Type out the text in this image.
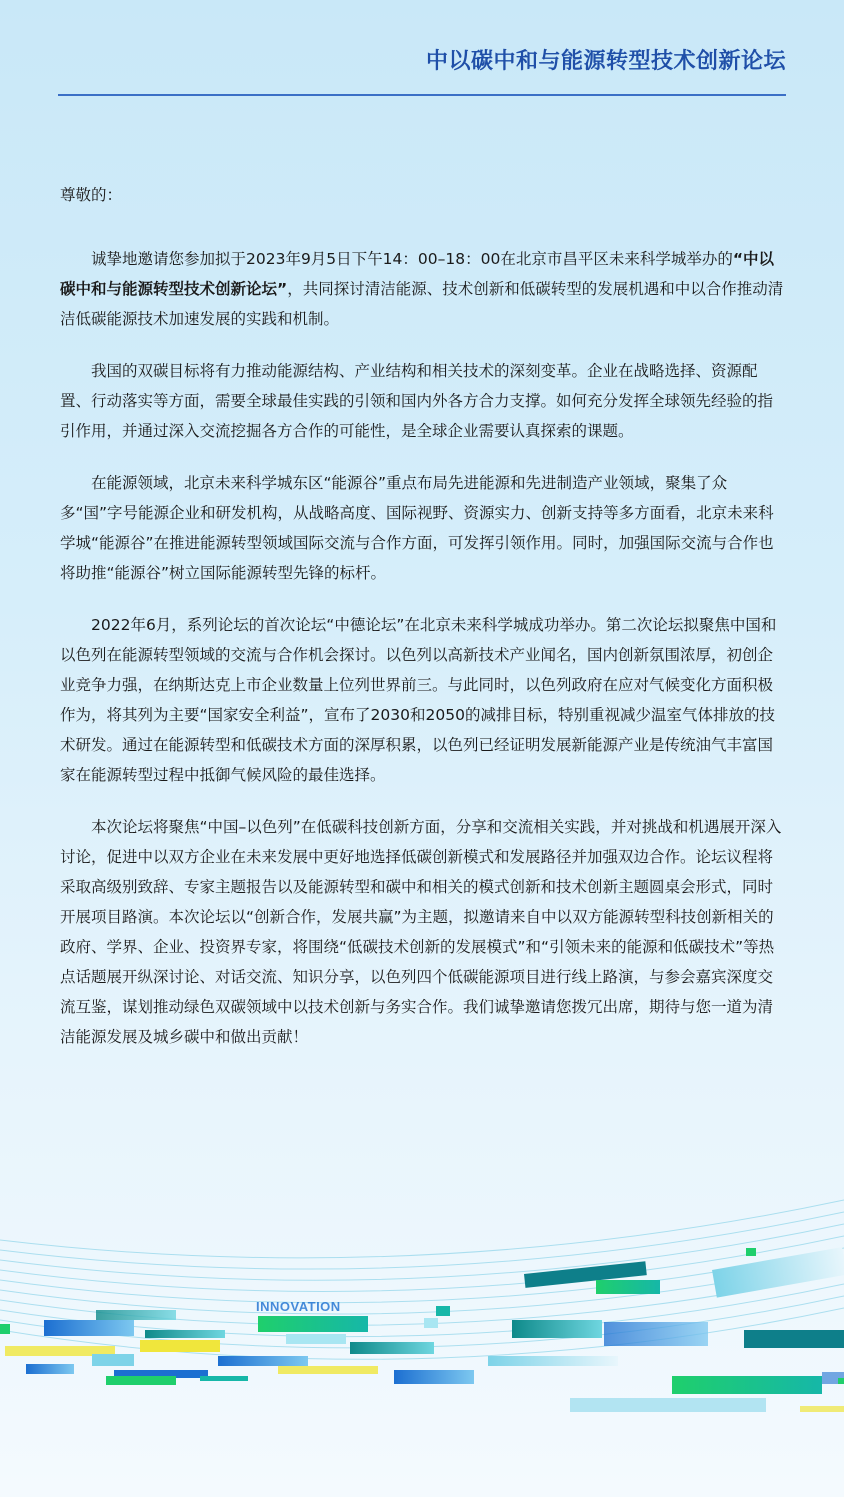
中以碳中和与能源转型技术创新论坛

尊敬的：

诚挚地邀请您参加拟于2023年9月5日下午14：00–18：00在北京市昌平区未来科学城举办的“中以碳中和与能源转型技术创新论坛”，共同探讨清洁能源、技术创新和低碳转型的发展机遇和中以合作推动清洁低碳能源技术加速发展的实践和机制。

我国的双碳目标将有力推动能源结构、产业结构和相关技术的深刻变革。企业在战略选择、资源配置、行动落实等方面，需要全球最佳实践的引领和国内外各方合力支撑。如何充分发挥全球领先经验的指引作用，并通过深入交流挖掘各方合作的可能性，是全球企业需要认真探索的课题。

在能源领域，北京未来科学城东区“能源谷”重点布局先进能源和先进制造产业领域，聚集了众多“国”字号能源企业和研发机构，从战略高度、国际视野、资源实力、创新支持等多方面看，北京未来科学城“能源谷”在推进能源转型领域国际交流与合作方面，可发挥引领作用。同时，加强国际交流与合作也将助推“能源谷”树立国际能源转型先锋的标杆。

2022年6月，系列论坛的首次论坛“中德论坛”在北京未来科学城成功举办。第二次论坛拟聚焦中国和以色列在能源转型领域的交流与合作机会探讨。以色列以高新技术产业闻名，国内创新氛围浓厚，初创企业竞争力强，在纳斯达克上市企业数量上位列世界前三。与此同时，以色列政府在应对气候变化方面积极作为，将其列为主要“国家安全利益”，宣布了2030和2050的减排目标，特别重视减少温室气体排放的技术研发。通过在能源转型和低碳技术方面的深厚积累，以色列已经证明发展新能源产业是传统油气丰富国家在能源转型过程中抵御气候风险的最佳选择。

本次论坛将聚焦“中国–以色列”在低碳科技创新方面，分享和交流相关实践，并对挑战和机遇展开深入讨论，促进中以双方企业在未来发展中更好地选择低碳创新模式和发展路径并加强双边合作。论坛议程将采取高级别致辞、专家主题报告以及能源转型和碳中和相关的模式创新和技术创新主题圆桌会形式，同时开展项目路演。本次论坛以“创新合作，发展共赢”为主题，拟邀请来自中以双方能源转型科技创新相关的政府、学界、企业、投资界专家，将围绕“低碳技术创新的发展模式”和“引领未来的能源和低碳技术”等热点话题展开纵深讨论、对话交流、知识分享，以色列四个低碳能源项目进行线上路演，与参会嘉宾深度交流互鉴，谋划推动绿色双碳领域中以技术创新与务实合作。我们诚挚邀请您拨冗出席，期待与您一道为清洁能源发展及城乡碳中和做出贡献！

INNOVATION
